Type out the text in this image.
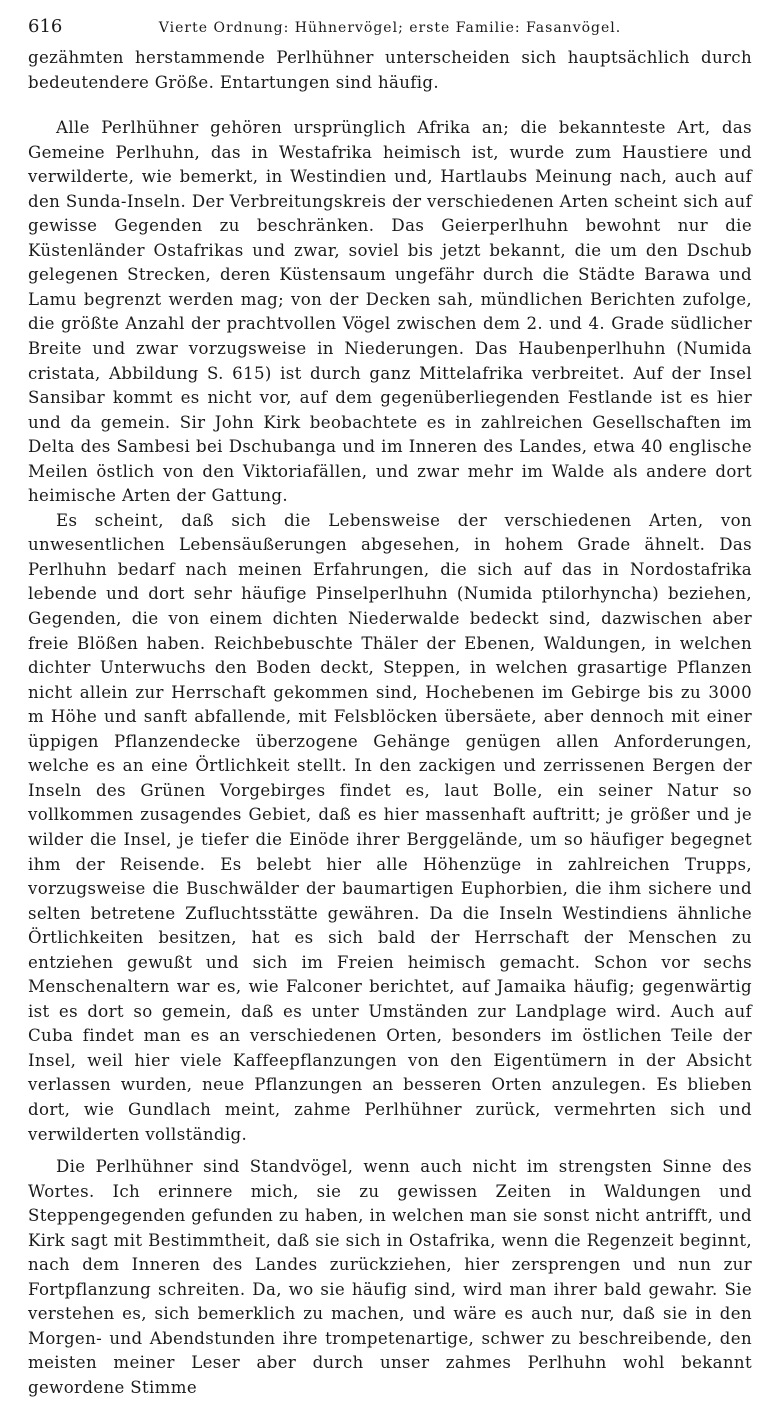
616	Vierte Ordnung: Hühnervögel; erste Familie: Fasanvögel.

gezähmten herstammende Perlhühner unterscheiden sich hauptsächlich durch bedeutendere Größe. Entartungen sind häufig.

Alle Perlhühner gehören ursprünglich Afrika an; die bekannteste Art, das Gemeine Perlhuhn, das in Westafrika heimisch ist, wurde zum Haustiere und verwilderte, wie bemerkt, in Westindien und, Hartlaubs Meinung nach, auch auf den Sunda-Inseln. Der Verbreitungskreis der verschiedenen Arten scheint sich auf gewisse Gegenden zu beschränken. Das Geierperlhuhn bewohnt nur die Küstenländer Ostafrikas und zwar, soviel bis jetzt bekannt, die um den Dschub gelegenen Strecken, deren Küstensaum ungefähr durch die Städte Barawa und Lamu begrenzt werden mag; von der Decken sah, mündlichen Berichten zufolge, die größte Anzahl der prachtvollen Vögel zwischen dem 2. und 4. Grade südlicher Breite und zwar vorzugsweise in Niederungen. Das Haubenperlhuhn (Numida cristata, Abbildung S. 615) ist durch ganz Mittelafrika verbreitet. Auf der Insel Sansibar kommt es nicht vor, auf dem gegenüberliegenden Festlande ist es hier und da gemein. Sir John Kirk beobachtete es in zahlreichen Gesellschaften im Delta des Sambesi bei Dschubanga und im Inneren des Landes, etwa 40 englische Meilen östlich von den Viktoriafällen, und zwar mehr im Walde als andere dort heimische Arten der Gattung.

Es scheint, daß sich die Lebensweise der verschiedenen Arten, von unwesentlichen Lebensäußerungen abgesehen, in hohem Grade ähnelt. Das Perlhuhn bedarf nach meinen Erfahrungen, die sich auf das in Nordostafrika lebende und dort sehr häufige Pinselperlhuhn (Numida ptilorhyncha) beziehen, Gegenden, die von einem dichten Niederwalde bedeckt sind, dazwischen aber freie Blößen haben. Reichbebuschte Thäler der Ebenen, Waldungen, in welchen dichter Unterwuchs den Boden deckt, Steppen, in welchen grasartige Pflanzen nicht allein zur Herrschaft gekommen sind, Hochebenen im Gebirge bis zu 3000 m Höhe und sanft abfallende, mit Felsblöcken übersäete, aber dennoch mit einer üppigen Pflanzendecke überzogene Gehänge genügen allen Anforderungen, welche es an eine Örtlichkeit stellt. In den zackigen und zerrissenen Bergen der Inseln des Grünen Vorgebirges findet es, laut Bolle, ein seiner Natur so vollkommen zusagendes Gebiet, daß es hier massenhaft auftritt; je größer und je wilder die Insel, je tiefer die Einöde ihrer Berggelände, um so häufiger begegnet ihm der Reisende. Es belebt hier alle Höhenzüge in zahlreichen Trupps, vorzugsweise die Buschwälder der baumartigen Euphorbien, die ihm sichere und selten betretene Zufluchtsstätte gewähren. Da die Inseln Westindiens ähnliche Örtlichkeiten besitzen, hat es sich bald der Herrschaft der Menschen zu entziehen gewußt und sich im Freien heimisch gemacht. Schon vor sechs Menschenaltern war es, wie Falconer berichtet, auf Jamaika häufig; gegenwärtig ist es dort so gemein, daß es unter Umständen zur Landplage wird. Auch auf Cuba findet man es an verschiedenen Orten, besonders im östlichen Teile der Insel, weil hier viele Kaffeepflanzungen von den Eigentümern in der Absicht verlassen wurden, neue Pflanzungen an besseren Orten anzulegen. Es blieben dort, wie Gundlach meint, zahme Perlhühner zurück, vermehrten sich und verwilderten vollständig.

Die Perlhühner sind Standvögel, wenn auch nicht im strengsten Sinne des Wortes. Ich erinnere mich, sie zu gewissen Zeiten in Waldungen und Steppengegenden gefunden zu haben, in welchen man sie sonst nicht antrifft, und Kirk sagt mit Bestimmtheit, daß sie sich in Ostafrika, wenn die Regenzeit beginnt, nach dem Inneren des Landes zurückziehen, hier zersprengen und nun zur Fortpflanzung schreiten. Da, wo sie häufig sind, wird man ihrer bald gewahr. Sie verstehen es, sich bemerklich zu machen, und wäre es auch nur, daß sie in den Morgen- und Abendstunden ihre trompetenartige, schwer zu beschreibende, den meisten meiner Leser aber durch unser zahmes Perlhuhn wohl bekannt gewordene Stimme
